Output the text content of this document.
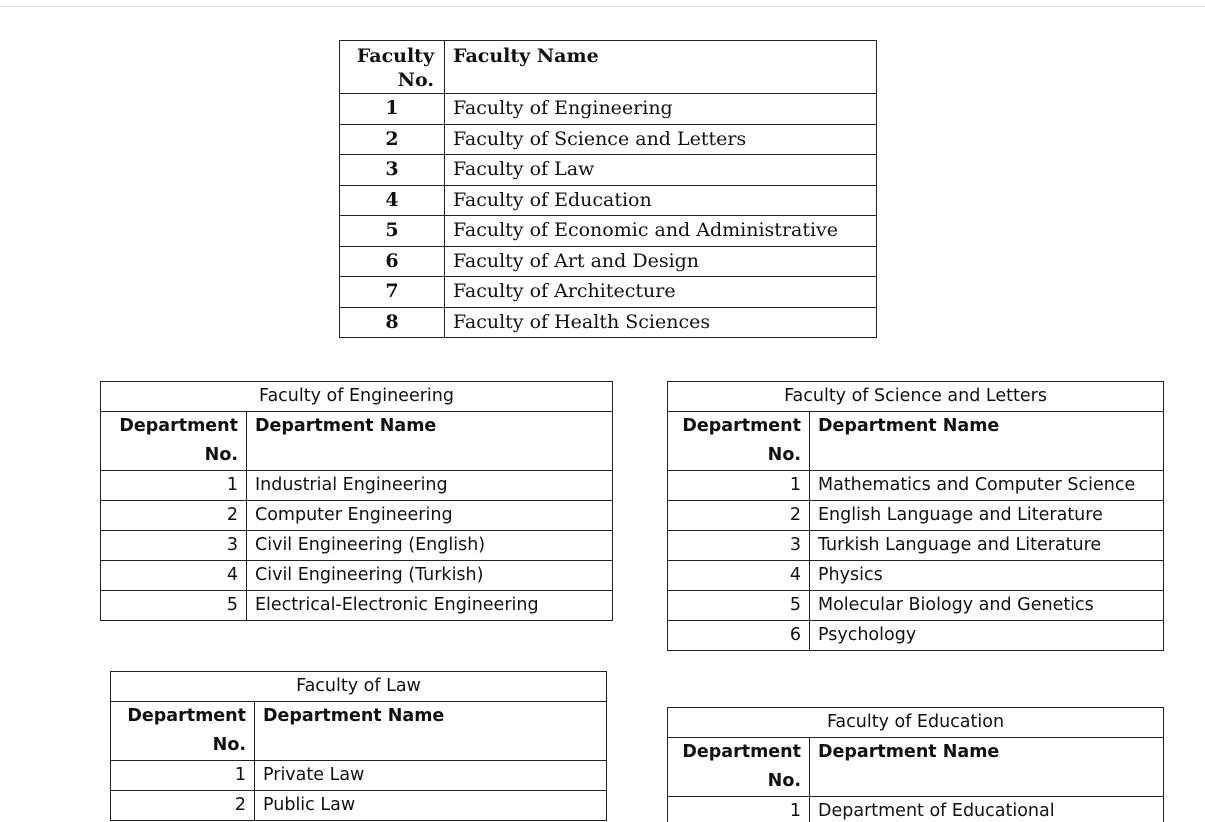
Faculty No.	Faculty Name
1	Faculty of Engineering
2	Faculty of Science and Letters
3	Faculty of Law
4	Faculty of Education
5	Faculty of Economic and Administrative
6	Faculty of Art and Design
7	Faculty of Architecture
8	Faculty of Health Sciences
Faculty of Engineering	
Department No.	Department Name
1	Industrial Engineering
2	Computer Engineering
3	Civil Engineering (English)
4	Civil Engineering (Turkish)
5	Electrical-Electronic Engineering
Faculty of Science and Letters	
Department No.	Department Name
1	Mathematics and Computer Science
2	English Language and Literature
3	Turkish Language and Literature
4	Physics
5	Molecular Biology and Genetics
6	Psychology
Faculty of Law	
Department No.	Department Name
1	Private Law
2	Public Law
Faculty of Education	
Department No.	Department Name
1	Department of Educational
